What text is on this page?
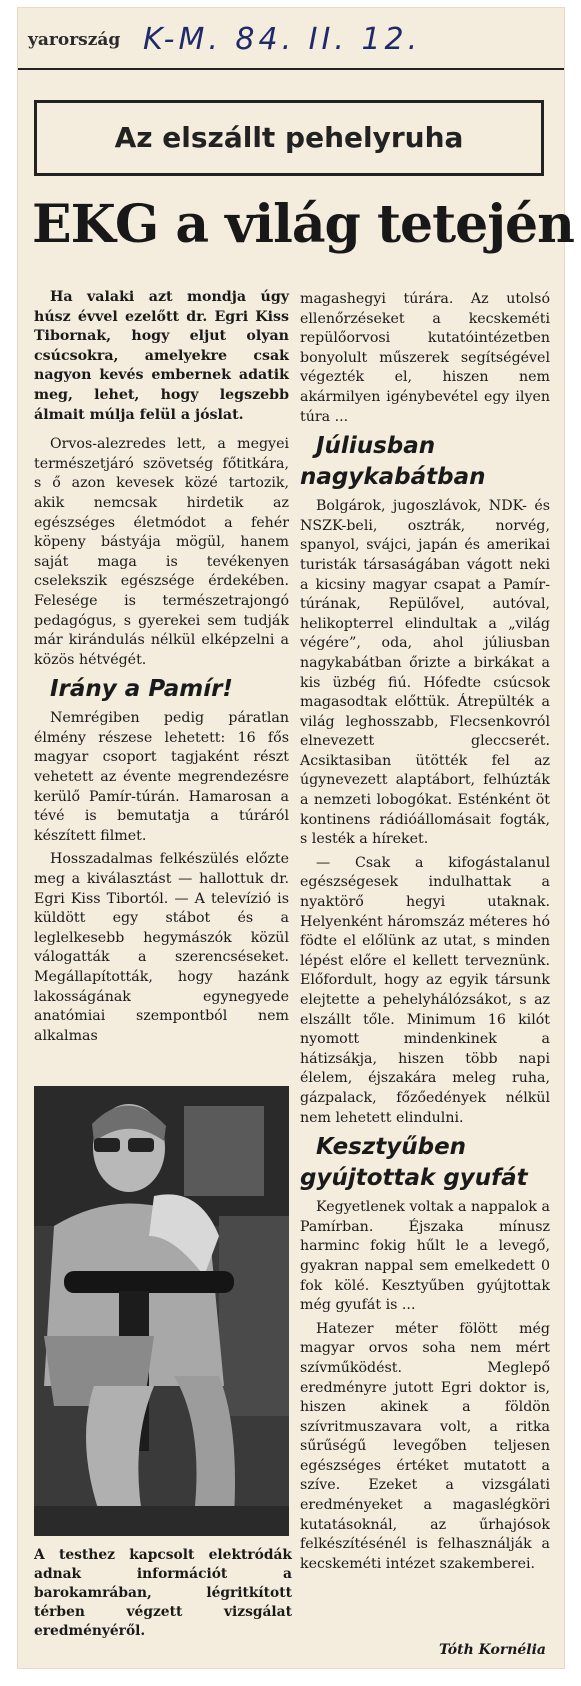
yarország K-M. 84. II. 12.
Az elszállt pehelyruha
EKG a világ tetején

Ha valaki azt mondja úgy húsz évvel ezelőtt dr. Egri Kiss Tibornak, hogy eljut olyan csúcsokra, amelyekre csak nagyon kevés embernek adatik meg, lehet, hogy legszebb álmait múlja felül a jóslat.

Orvos-alezredes lett, a megyei természetjáró szövetség főtitkára, s ő azon kevesek közé tartozik, akik nemcsak hirdetik az egészséges életmódot a fehér köpeny bástyája mögül, hanem saját maga is tevékenyen cselekszik egészsége érdekében. Felesége is természetrajongó pedagógus, s gyerekei sem tudják már kirándulás nélkül elképzelni a közös hétvégét.

Irány a Pamír!

Nemrégiben pedig páratlan élmény részese lehetett: 16 fős magyar csoport tagjaként részt vehetett az évente megrendezésre kerülő Pamír-túrán. Hamarosan a tévé is bemutatja a túráról készített filmet.

Hosszadalmas felkészülés előzte meg a kiválasztást — hallottuk dr. Egri Kiss Tibortól. — A televízió is küldött egy stábot és a leglelkesebb hegymászók közül válogatták a szerencséseket. Megállapították, hogy hazánk lakosságának egynegyede anatómiai szempontból nem alkalmas

A testhez kapcsolt elektródák adnak információt a barokamrában, légritkított térben végzett vizsgálat eredményéről.

magashegyi túrára. Az utolsó ellenőrzéseket a kecskeméti repülőorvosi kutatóintézetben bonyolult műszerek segítségével végezték el, hiszen nem akármilyen igénybevétel egy ilyen túra ...

Júliusban nagykabátban

Bolgárok, jugoszlávok, NDK- és NSZK-beli, osztrák, norvég, spanyol, svájci, japán és amerikai turisták társaságában vágott neki a kicsiny magyar csapat a Pamír-túrának, Repülővel, autóval, helikopterrel elindultak a „világ végére”, oda, ahol júliusban nagykabátban őrizte a birkákat a kis üzbég fiú. Hófedte csúcsok magasodtak előttük. Átrepülték a világ leghosszabb, Flecsenkovról elnevezett gleccserét. Acsiktasiban ütötték fel az úgynevezett alaptábort, felhúzták a nemzeti lobogókat. Esténként öt kontinens rádióállomásait fogták, s lesték a híreket.

— Csak a kifogástalanul egészségesek indulhattak a nyaktörő hegyi utaknak. Helyenként háromszáz méteres hó födte el előlünk az utat, s minden lépést előre el kellett terveznünk. Előfordult, hogy az egyik társunk elejtette a pehelyhálózsákot, s az elszállt tőle. Minimum 16 kilót nyomott mindenkinek a hátizsákja, hiszen több napi élelem, éjszakára meleg ruha, gázpalack, főzőedények nélkül nem lehetett elindulni.

Kesztyűben gyújtottak gyufát

Kegyetlenek voltak a nappalok a Pamírban. Éjszaka mínusz harminc fokig hűlt le a levegő, gyakran nappal sem emelkedett 0 fok kölé. Kesztyűben gyújtottak még gyufát is ...

Hatezer méter fölött még magyar orvos soha nem mért szívműködést. Meglepő eredményre jutott Egri doktor is, hiszen akinek a földön szívritmuszavara volt, a ritka sűrűségű levegőben teljesen egészséges értéket mutatott a szíve. Ezeket a vizsgálati eredményeket a magaslégköri kutatásoknál, az űrhajósok felkészítésénél is felhasználják a kecskeméti intézet szakemberei.

Tóth Kornélia
